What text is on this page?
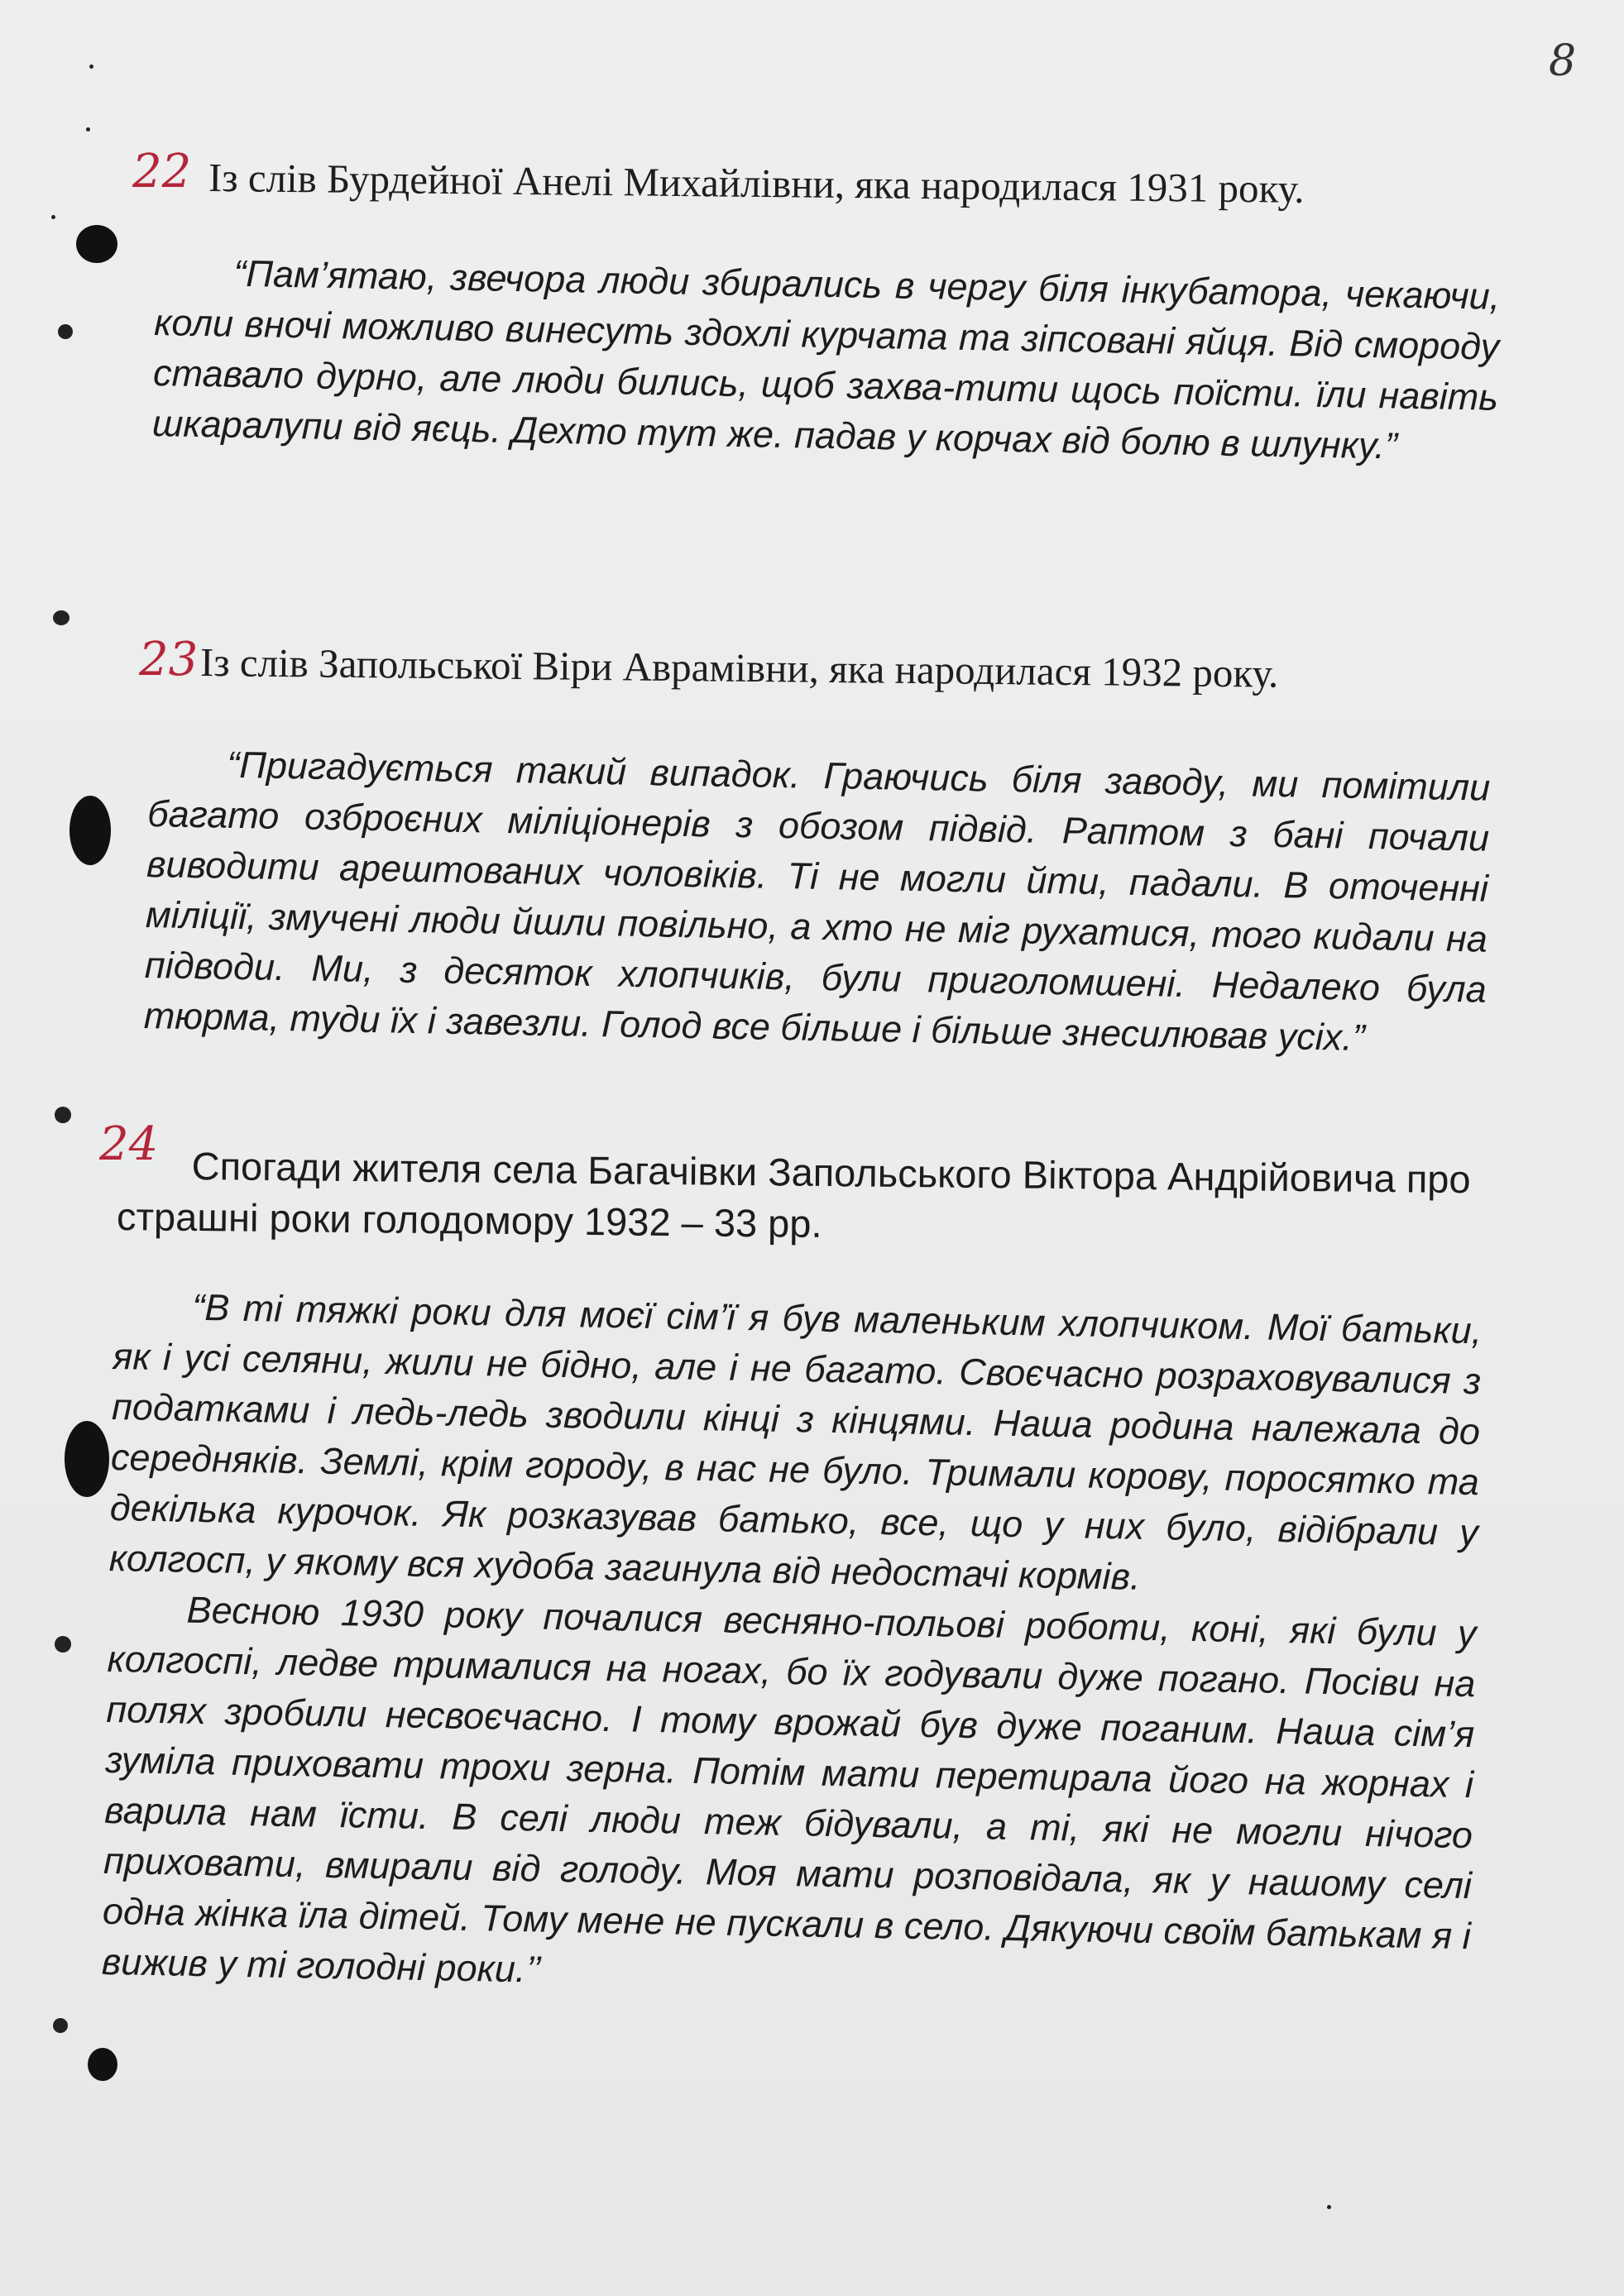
8
22 Із слів Бурдейної Анелі Михайлівни, яка народилася 1931 року.

“Пам’ятаю, звечора люди збирались в чергу біля інкубатора, чекаючи, коли вночі можливо винесуть здохлі курчата та зіпсовані яйця. Від смороду ставало дурно, але люди бились, щоб захва-тити щось поїсти. їли навіть шкаралупи від яєць. Дехто тут же. падав у корчах від болю в шлунку.”

23 Із слів Запольської Віри Аврамівни, яка народилася 1932 року.

“Пригадується такий випадок. Граючись біля заводу, ми помітили багато озброєних міліціонерів з обозом підвід. Раптом з бані почали виводити арештованих чоловіків. Ті не могли йти, падали. В оточенні міліції, змучені люди йшли повільно, а хто не міг рухатися, того кидали на підводи. Ми, з десяток хлопчиків, були приголомшені. Недалеко була тюрма, туди їх і завезли. Голод все більше і більше знесилював усіх.”

24 Спогади жителя села Багачівки Запольського Віктора Андрійовича про страшні роки голодомору 1932 – 33 рр.

“В ті тяжкі роки для моєї сім’ї я був маленьким хлопчиком. Мої батьки, як і усі селяни, жили не бідно, але і не багато. Своєчасно розраховувалися з податками і ледь-ледь зводили кінці з кінцями. Наша родина належала до середняків. Землі, крім городу, в нас не було. Тримали корову, поросятко та декілька курочок. Як розказував батько, все, що у них було, відібрали у колгосп, у якому вся худоба загинула від недостачі кормів.

Весною 1930 року почалися весняно-польові роботи, коні, які були у колгоспі, ледве трималися на ногах, бо їх годували дуже погано. Посіви на полях зробили несвоєчасно. І тому врожай був дуже поганим. Наша сім’я зуміла приховати трохи зерна. Потім мати перетирала його на жорнах і варила нам їсти. В селі люди теж бідували, а ті, які не могли нічого приховати, вмирали від голоду. Моя мати розповідала, як у нашому селі одна жінка їла дітей. Тому мене не пускали в село. Дякуючи своїм батькам я і вижив у ті голодні роки.’’
